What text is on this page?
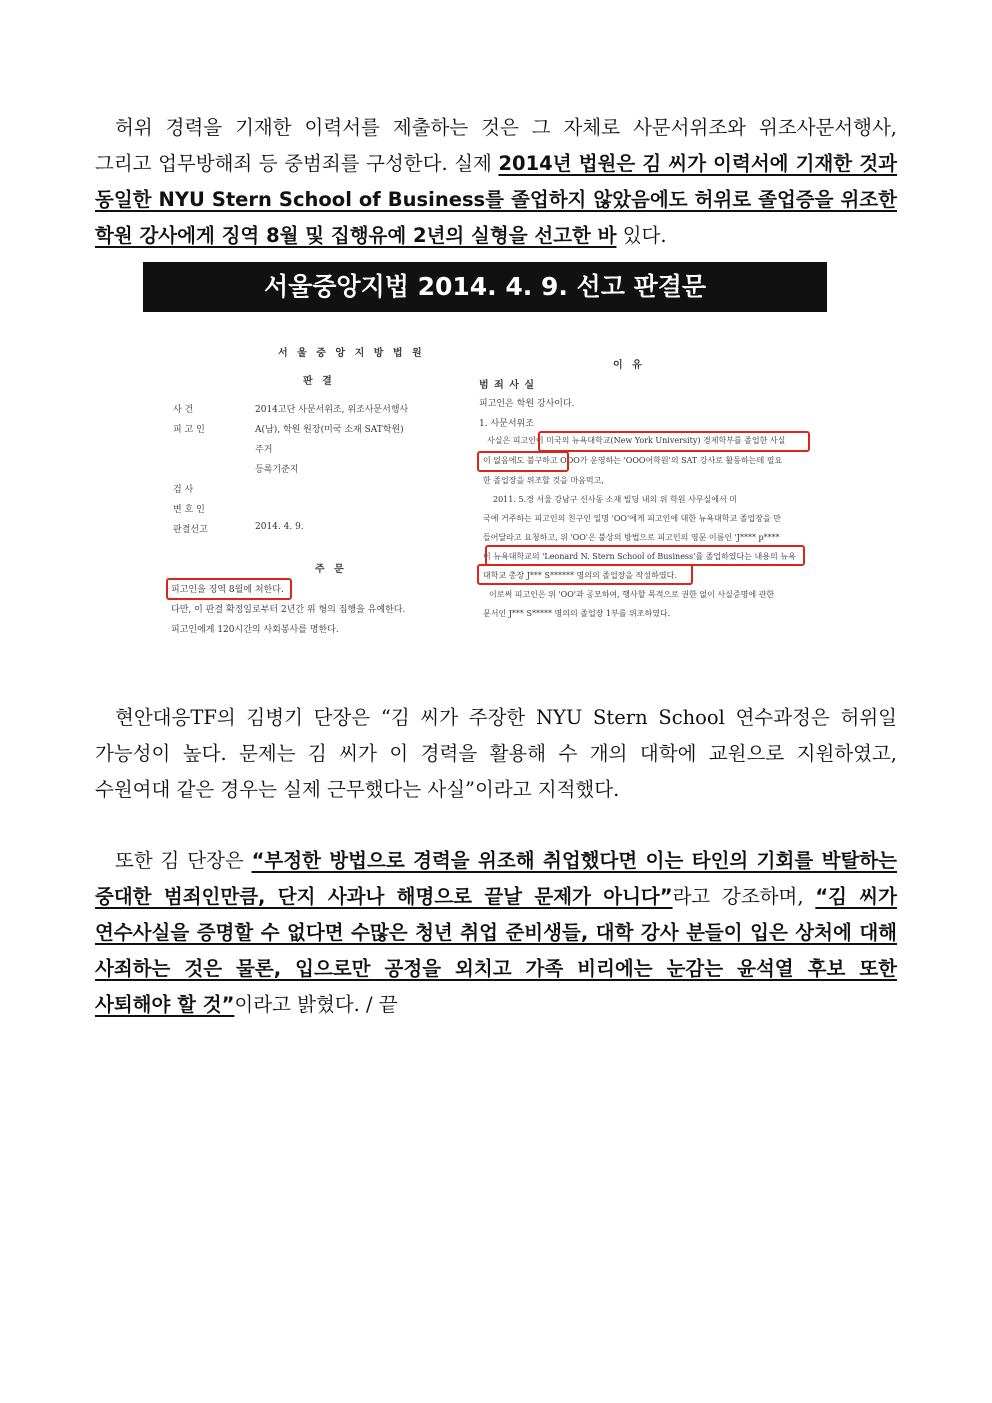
허위 경력을 기재한 이력서를 제출하는 것은 그 자체로 사문서위조와 위조사문서행사, 그리고 업무방해죄 등 중범죄를 구성한다. 실제 2014년 법원은 김 씨가 이력서에 기재한 것과 동일한 NYU Stern School of Business를 졸업하지 않았음에도 허위로 졸업증을 위조한 학원 강사에게 징역 8월 및 집행유예 2년의 실형을 선고한 바 있다.
서울중앙지법 2014. 4. 9. 선고 판결문
서 울 중 앙 지 방 법 원
판 결
이 유
사 건	2014고단 사문서위조, 위조사문서행사
피 고 인	A(남), 학원 원장(미국 소재 SAT학원)
주거
등록기준지
검 사
변 호 인
판결선고	2014. 4. 9.
주 문
피고인을 징역 8월에 처한다.
다만, 이 판결 확정일로부터 2년간 위 형의 집행을 유예한다.
피고인에게 120시간의 사회봉사를 명한다.
범 죄 사 실
피고인은 학원 강사이다.
1. 사문서위조
사실은 피고인이 미국의 뉴욕대학교(New York University) 경제학부를 졸업한 사실
이 없음에도 불구하고 OOO가 운영하는 'OOO어학원'의 SAT 강사로 활동하는데 필요
한 졸업장을 위조할 것을 마음먹고,
2011. 5.경 서울 강남구 신사동 소재 빌딩 내의 위 학원 사무실에서 미
국에 거주하는 피고인의 친구인 일명 'OO'에게 피고인에 대한 뉴욕대학교 졸업장을 만
들어달라고 요청하고, 위 'OO'은 불상의 방법으로 피고인의 영문 이름인 'J**** p****
이 뉴욕대학교의 'Leonard N. Stern School of Business'를 졸업하였다는 내용의 뉴욕
대학교 총장 J*** S****** 명의의 졸업장을 작성하였다.
이로써 피고인은 위 'OO'과 공모하여, 행사할 목적으로 권한 없이 사실증명에 관한
문서인 J*** S***** 명의의 졸업장 1부를 위조하였다.
현안대응TF의 김병기 단장은 “김 씨가 주장한 NYU Stern School 연수과정은 허위일 가능성이 높다. 문제는 김 씨가 이 경력을 활용해 수 개의 대학에 교원으로 지원하였고, 수원여대 같은 경우는 실제 근무했다는 사실”이라고 지적했다.
또한 김 단장은 “부정한 방법으로 경력을 위조해 취업했다면 이는 타인의 기회를 박탈하는 중대한 범죄인만큼, 단지 사과나 해명으로 끝날 문제가 아니다”라고 강조하며, “김 씨가 연수사실을 증명할 수 없다면 수많은 청년 취업 준비생들, 대학 강사 분들이 입은 상처에 대해 사죄하는 것은 물론, 입으로만 공정을 외치고 가족 비리에는 눈감는 윤석열 후보 또한 사퇴해야 할 것”이라고 밝혔다. / 끝
